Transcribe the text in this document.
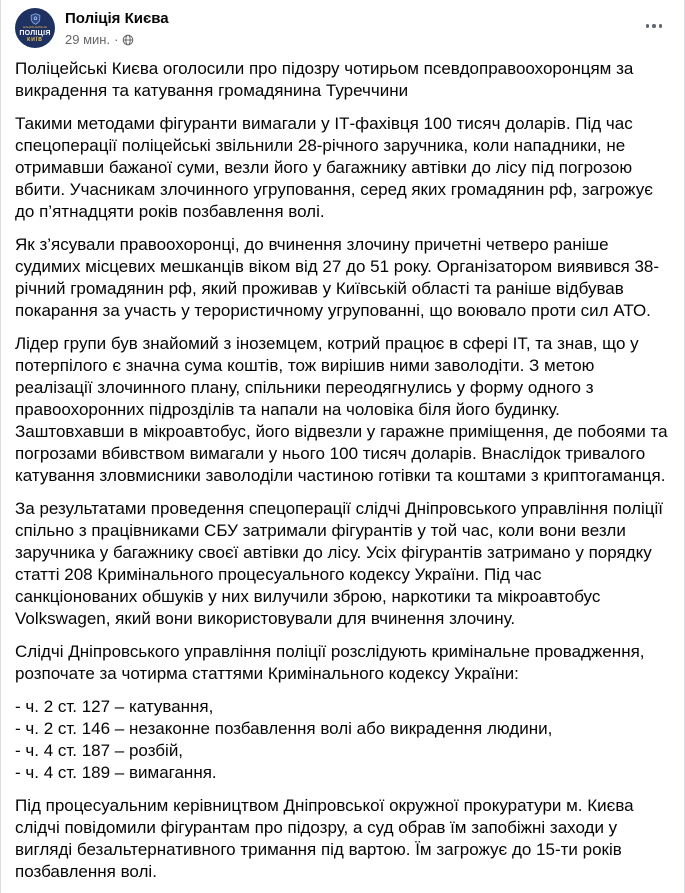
НАЦІОНАЛЬНА
ПОЛІЦІЯ
КИЇВ
Поліція Києва
29 мин. ·

Поліцейські Києва оголосили про підозру чотирьом псевдоправоохоронцям за викрадення та катування громадянина Туреччини

Такими методами фігуранти вимагали у ІТ-фахівця 100 тисяч доларів. Під час спецоперації поліцейські звільнили 28-річного заручника, коли нападники, не отримавши бажаної суми, везли його у багажнику автівки до лісу під погрозою вбити. Учасникам злочинного угруповання, серед яких громадянин рф, загрожує до п’ятнадцяти років позбавлення волі.

Як з’ясували правоохоронці, до вчинення злочину причетні четверо раніше судимих місцевих мешканців віком від 27 до 51 року. Організатором виявився 38-річний громадянин рф, який проживав у Київській області та раніше відбував покарання за участь у терористичному угрупованні, що воювало проти сил АТО.

Лідер групи був знайомий з іноземцем, котрий працює в сфері ІТ, та знав, що у потерпілого є значна сума коштів, тож вирішив ними заволодіти. З метою реалізації злочинного плану, спільники переодягнулись у форму одного з правоохоронних підрозділів та напали на чоловіка біля його будинку. Заштовхавши в мікроавтобус, його відвезли у гаражне приміщення, де побоями та погрозами вбивством вимагали у нього 100 тисяч доларів. Внаслідок тривалого катування зловмисники заволоділи частиною готівки та коштами з криптогаманця.

За результатами проведення спецоперації слідчі Дніпровського управління поліції спільно з працівниками СБУ затримали фігурантів у той час, коли вони везли заручника у багажнику своєї автівки до лісу. Усіх фігурантів затримано у порядку статті 208 Кримінального процесуального кодексу України. Під час санкціонованих обшуків у них вилучили зброю, наркотики та мікроавтобус Volkswagen, який вони використовували для вчинення злочину.

Слідчі Дніпровського управління поліції розслідують кримінальне провадження, розпочате за чотирма статтями Кримінального кодексу України:

- ч. 2 ст. 127 – катування,

- ч. 2 ст. 146 – незаконне позбавлення волі або викрадення людини,

- ч. 4 ст. 187 – розбій,

- ч. 4 ст. 189 – вимагання.

Під процесуальним керівництвом Дніпровської окружної прокуратури м. Києва слідчі повідомили фігурантам про підозру, а суд обрав їм запобіжні заходи у вигляді безальтернативного тримання під вартою. Їм загрожує до 15-ти років позбавлення волі.
